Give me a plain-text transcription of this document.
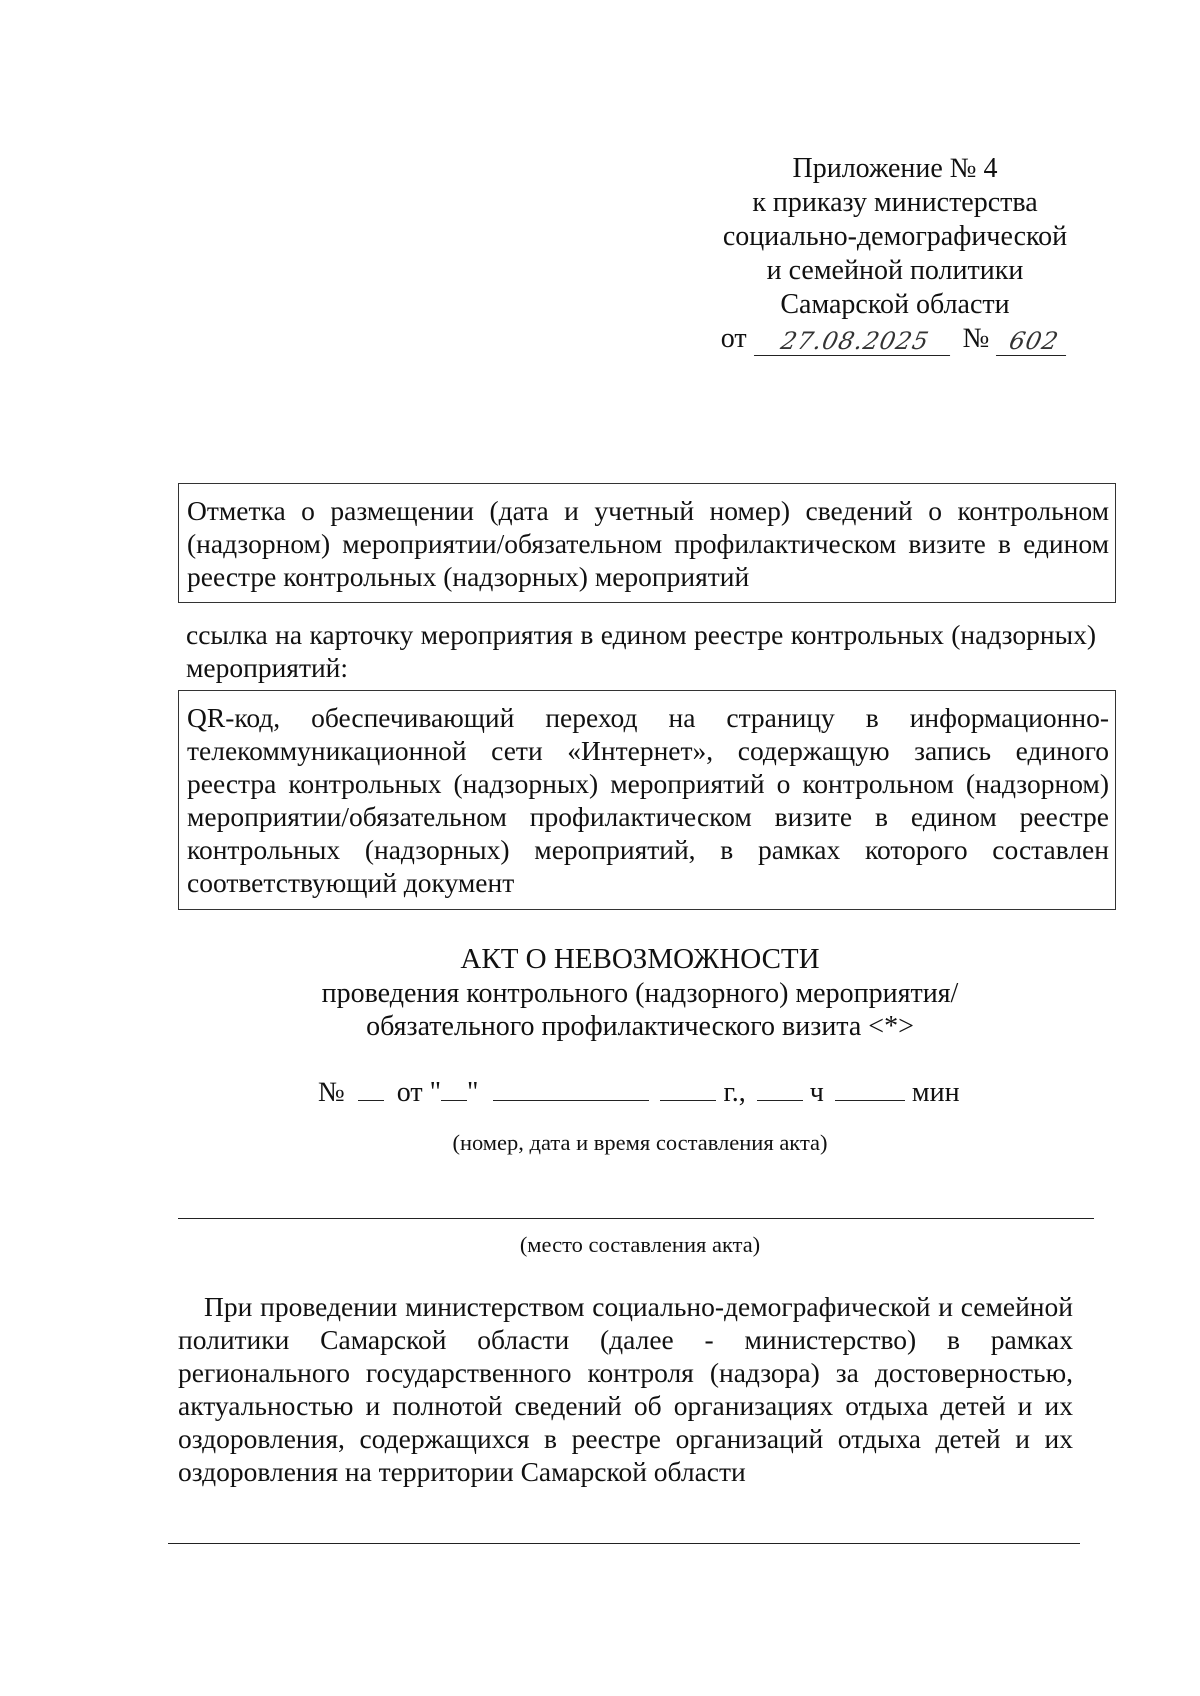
Приложение № 4
к приказу министерства
социально-демографической
и семейной политики
Самарской области
от	27.08.2025	№ 602
Отметка о размещении (дата и учетный номер) сведений о контрольном (надзорном) мероприятии/обязательном профилактическом визите в едином реестре контрольных (надзорных) мероприятий
ссылка на карточку мероприятия в едином реестре контрольных (надзорных) мероприятий:
QR-код, обеспечивающий переход на страницу в информационно-телекоммуникационной сети «Интернет», содержащую запись единого реестра контрольных (надзорных) мероприятий о контрольном (надзорном) мероприятии/обязательном профилактическом визите в едином реестре контрольных (надзорных) мероприятий, в рамках которого составлен соответствующий документ
АКТ О НЕВОЗМОЖНОСТИ
проведения контрольного (надзорного) мероприятия/
обязательного профилактического визита <*>
№ от " "	г., ч	мин
(номер, дата и время составления акта)
(место составления акта)
При проведении министерством социально-демографической и семейной политики Самарской области (далее - министерство) в рамках регионального государственного контроля (надзора) за достоверностью, актуальностью и полнотой сведений об организациях отдыха детей и их оздоровления, содержащихся в реестре организаций отдыха детей и их оздоровления на территории Самарской области
